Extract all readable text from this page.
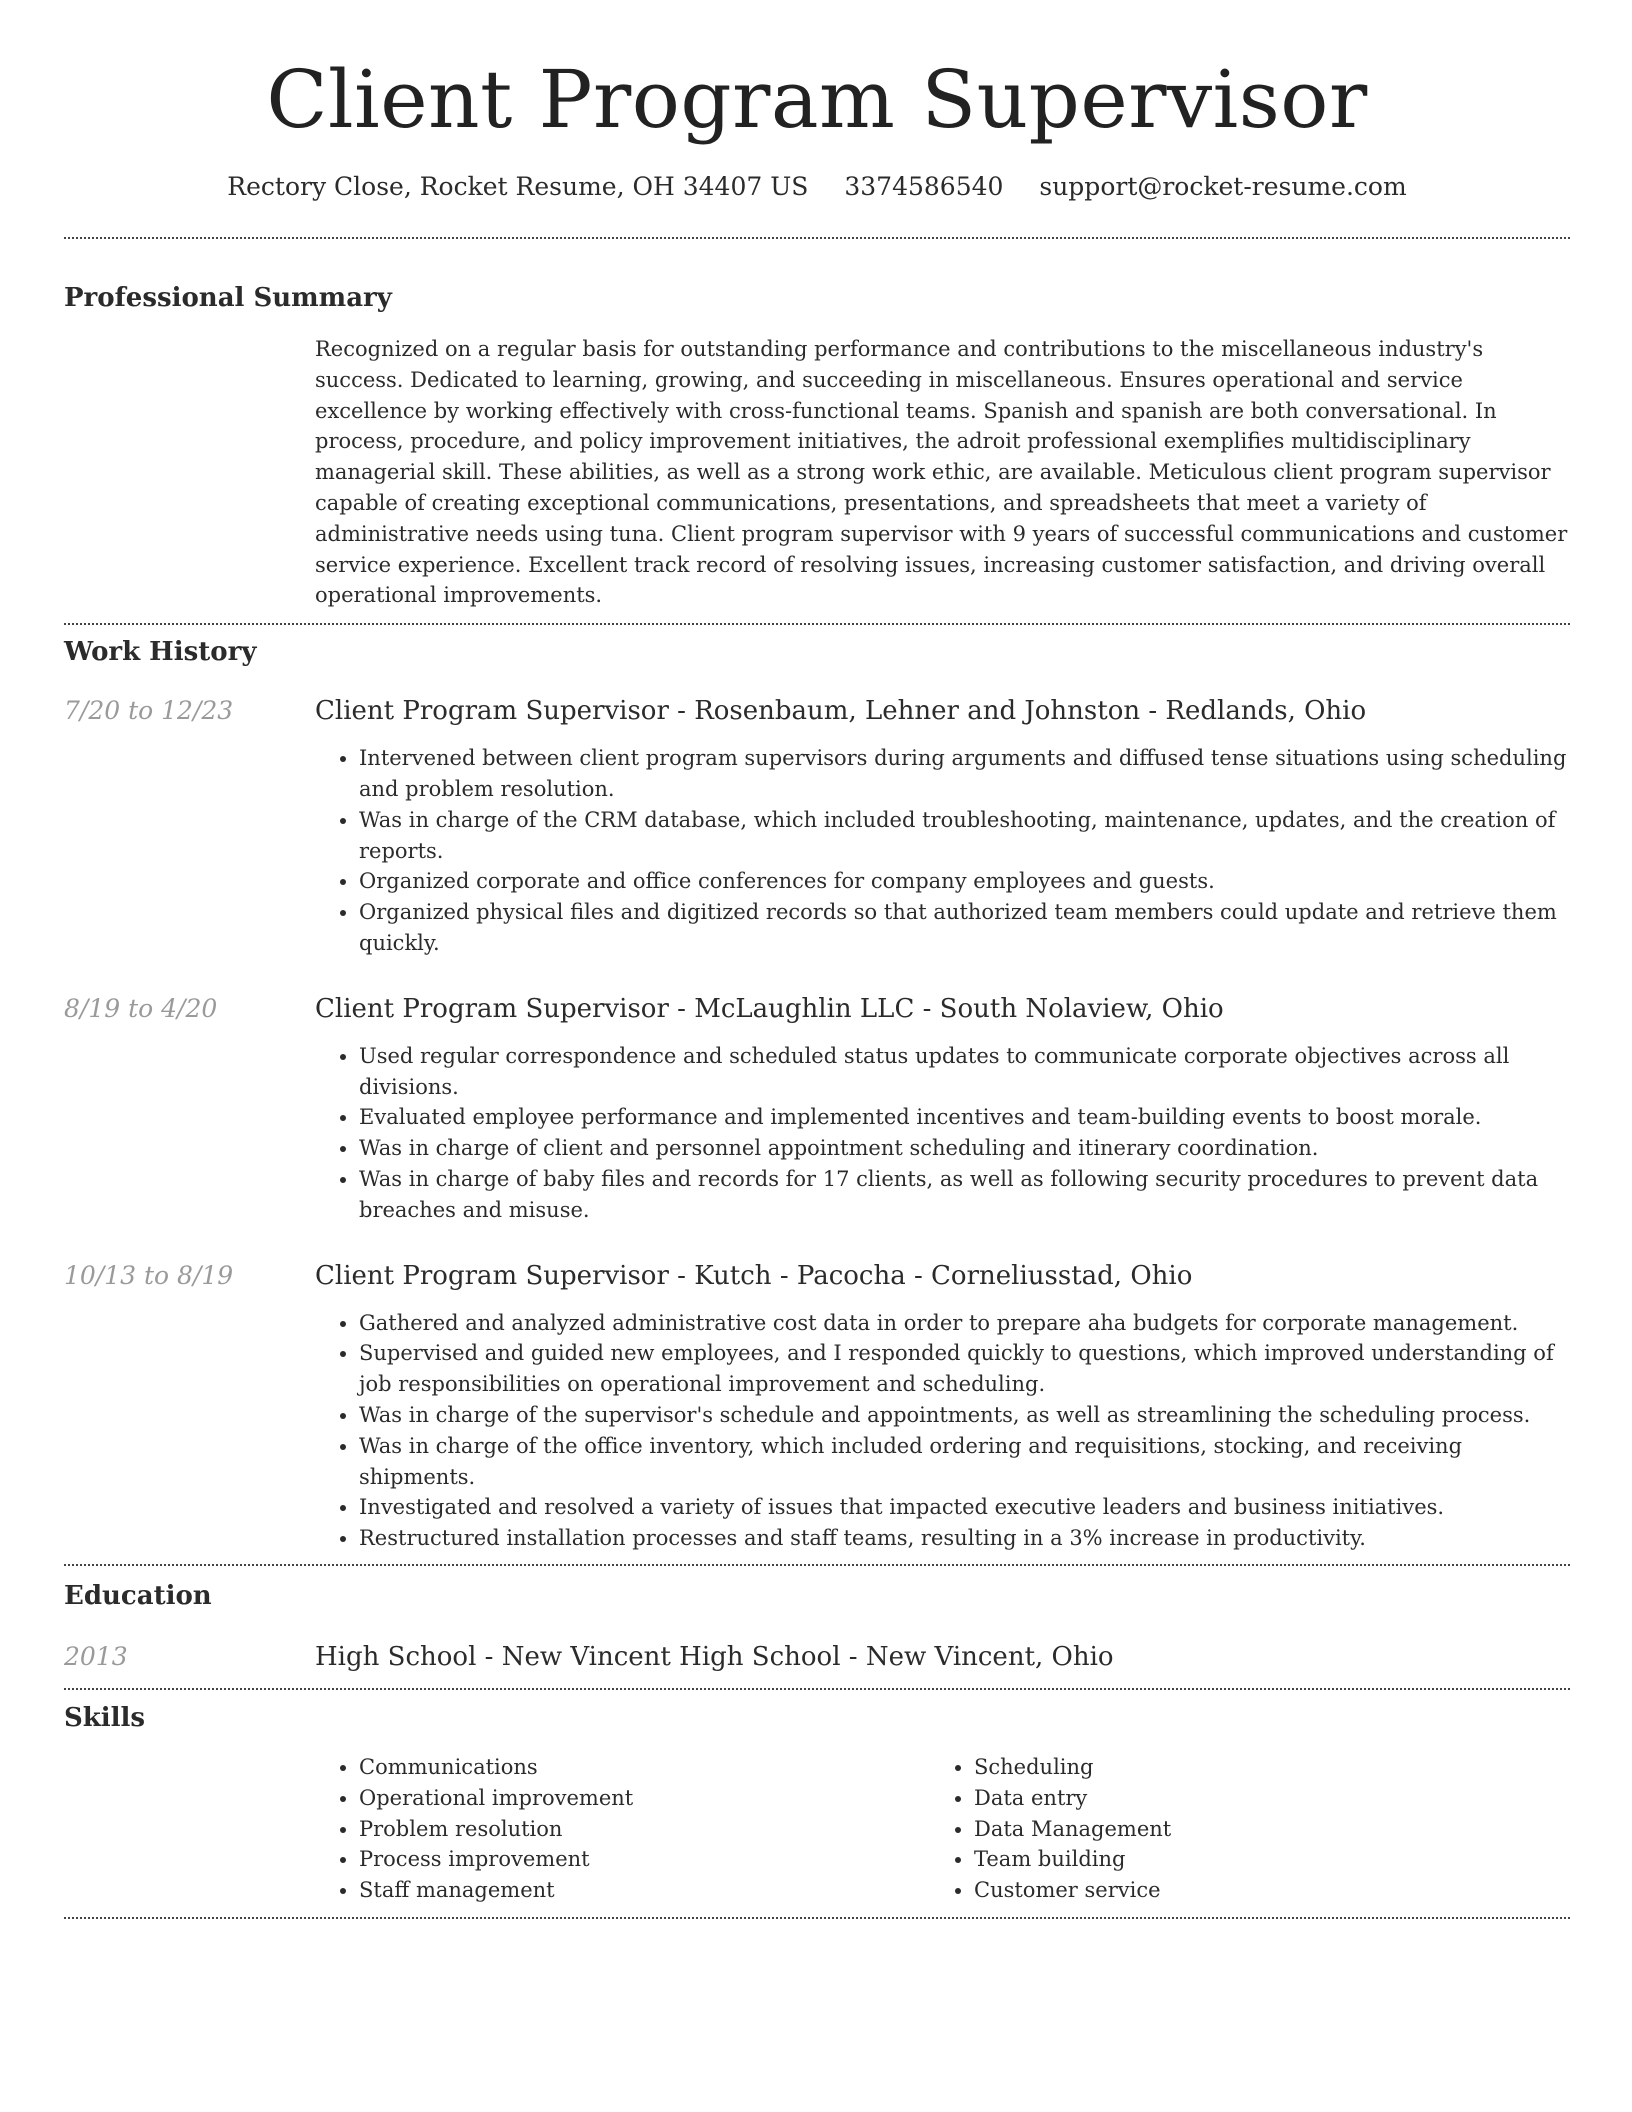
Client Program Supervisor
Rectory Close, Rocket Resume, OH 34407 US 3374586540 support@rocket-resume.com
Professional Summary

Recognized on a regular basis for outstanding performance and contributions to the miscellaneous industry's success. Dedicated to learning, growing, and succeeding in miscellaneous. Ensures operational and service excellence by working effectively with cross-functional teams. Spanish and spanish are both conversational. In process, procedure, and policy improvement initiatives, the adroit professional exemplifies multidisciplinary managerial skill. These abilities, as well as a strong work ethic, are available. Meticulous client program supervisor capable of creating exceptional communications, presentations, and spreadsheets that meet a variety of administrative needs using tuna. Client program supervisor with 9 years of successful communications and customer service experience. Excellent track record of resolving issues, increasing customer satisfaction, and driving overall operational improvements.

Work History
7/20 to 12/23	Client Program Supervisor - Rosenbaum, Lehner and Johnston - Redlands, Ohio
• Intervened between client program supervisors during arguments and diffused tense situations using scheduling and problem resolution.
• Was in charge of the CRM database, which included troubleshooting, maintenance, updates, and the creation of reports.
• Organized corporate and office conferences for company employees and guests.
• Organized physical files and digitized records so that authorized team members could update and retrieve them quickly.
8/19 to 4/20	Client Program Supervisor - McLaughlin LLC - South Nolaview, Ohio
• Used regular correspondence and scheduled status updates to communicate corporate objectives across all divisions.
• Evaluated employee performance and implemented incentives and team-building events to boost morale.
• Was in charge of client and personnel appointment scheduling and itinerary coordination.
• Was in charge of baby files and records for 17 clients, as well as following security procedures to prevent data breaches and misuse.
10/13 to 8/19	Client Program Supervisor - Kutch - Pacocha - Corneliusstad, Ohio
• Gathered and analyzed administrative cost data in order to prepare aha budgets for corporate management.
• Supervised and guided new employees, and I responded quickly to questions, which improved understanding of job responsibilities on operational improvement and scheduling.
• Was in charge of the supervisor's schedule and appointments, as well as streamlining the scheduling process.
• Was in charge of the office inventory, which included ordering and requisitions, stocking, and receiving shipments.
• Investigated and resolved a variety of issues that impacted executive leaders and business initiatives.
• Restructured installation processes and staff teams, resulting in a 3% increase in productivity.
Education
2013	High School - New Vincent High School - New Vincent, Ohio
Skills
• Communications
• Operational improvement
• Problem resolution
• Process improvement
• Staff management
• Scheduling
• Data entry
• Data Management
• Team building
• Customer service
